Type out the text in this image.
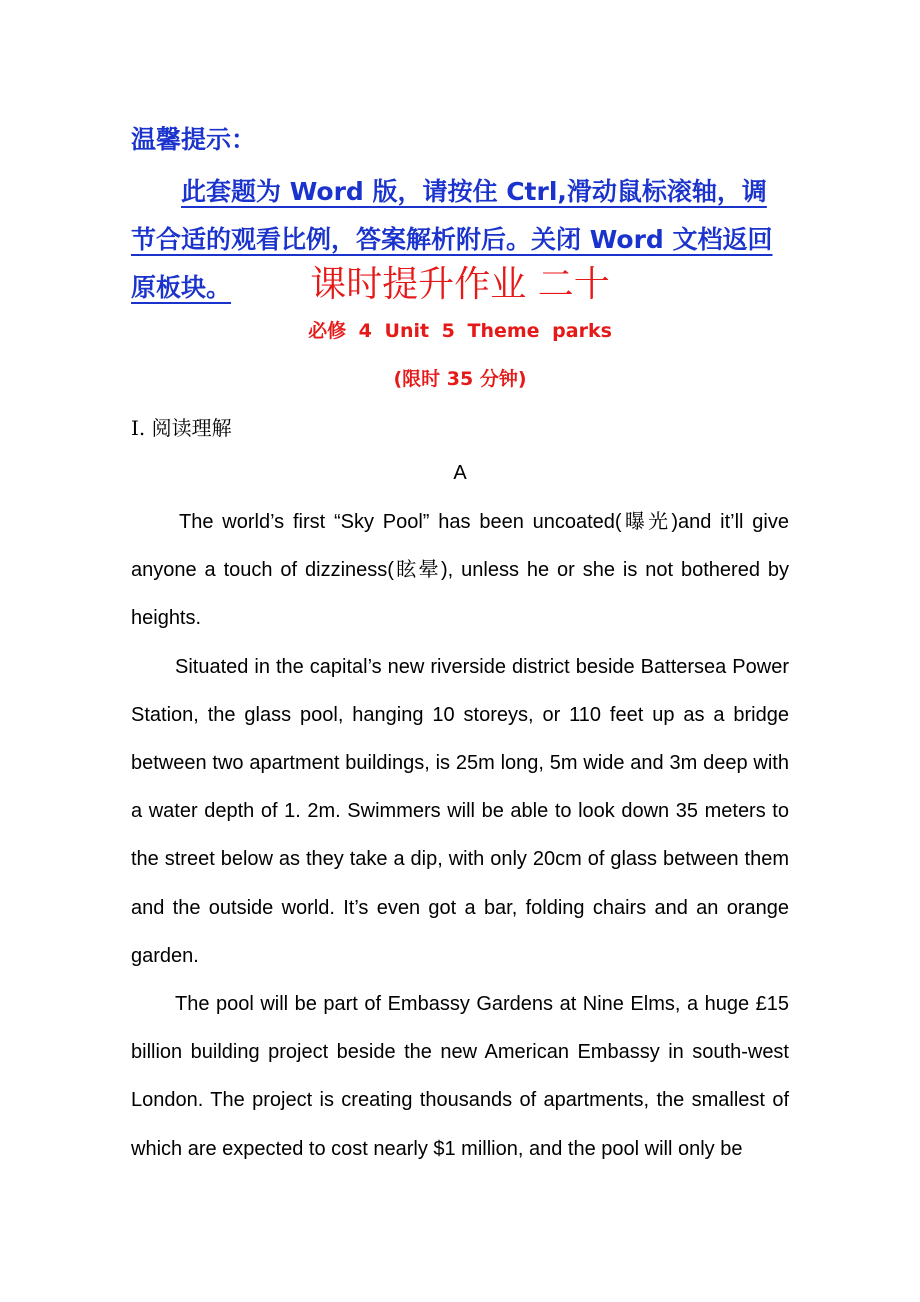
温馨提示：
此套题为 Word 版，请按住 Ctrl,滑动鼠标滚轴，调节合适的观看比例，答案解析附后。关闭 Word 文档返回原板块。	课时提升作业 二十
必修 4 Unit 5 Theme parks
(限时 35 分钟)
Ⅰ. 阅读理解
A

The world’s first “Sky Pool” has been uncoated(曝光)and it’ll give anyone a touch of dizziness(眩晕), unless he or she is not bothered by heights.

Situated in the capital’s new riverside district beside Battersea Power Station, the glass pool, hanging 10 storeys, or 110 feet up as a bridge between two apartment buildings, is 25m long, 5m wide and 3m deep with a water depth of 1. 2m. Swimmers will be able to look down 35 meters to the street below as they take a dip, with only 20cm of glass between them and the outside world. It’s even got a bar, folding chairs and an orange garden.

The pool will be part of Embassy Gardens at Nine Elms, a huge £15 billion building project beside the new American Embassy in south-west London. The project is creating thousands of apartments, the smallest of which are expected to cost nearly $1 million, and the pool will only be
